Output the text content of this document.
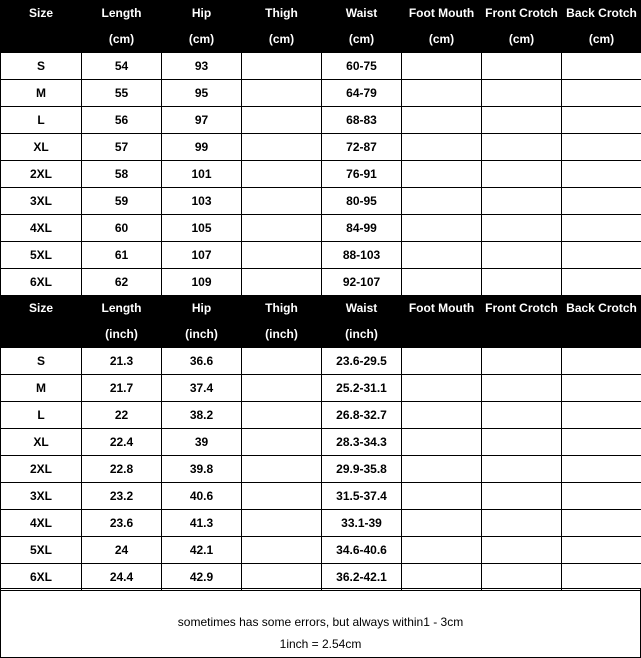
Size	Length	Hip	Thigh	Waist	Foot Mouth	Front Crotch	Back Crotch
	(cm)	(cm)	(cm)	(cm)	(cm)	(cm)	(cm)
S	54	93		60-75			
M	55	95		64-79			
L	56	97		68-83			
XL	57	99		72-87			
2XL	58	101		76-91			
3XL	59	103		80-95			
4XL	60	105		84-99			
5XL	61	107		88-103			
6XL	62	109		92-107			
Size	Length	Hip	Thigh	Waist	Foot Mouth	Front Crotch	Back Crotch
	(inch)	(inch)	(inch)	(inch)			
S	21.3	36.6		23.6-29.5			
M	21.7	37.4		25.2-31.1			
L	22	38.2		26.8-32.7			
XL	22.4	39		28.3-34.3			
2XL	22.8	39.8		29.9-35.8			
3XL	23.2	40.6		31.5-37.4			
4XL	23.6	41.3		33.1-39			
5XL	24	42.1		34.6-40.6			
6XL	24.4	42.9		36.2-42.1			
sometimes has some errors, but always within1 - 3cm
1inch = 2.54cm
